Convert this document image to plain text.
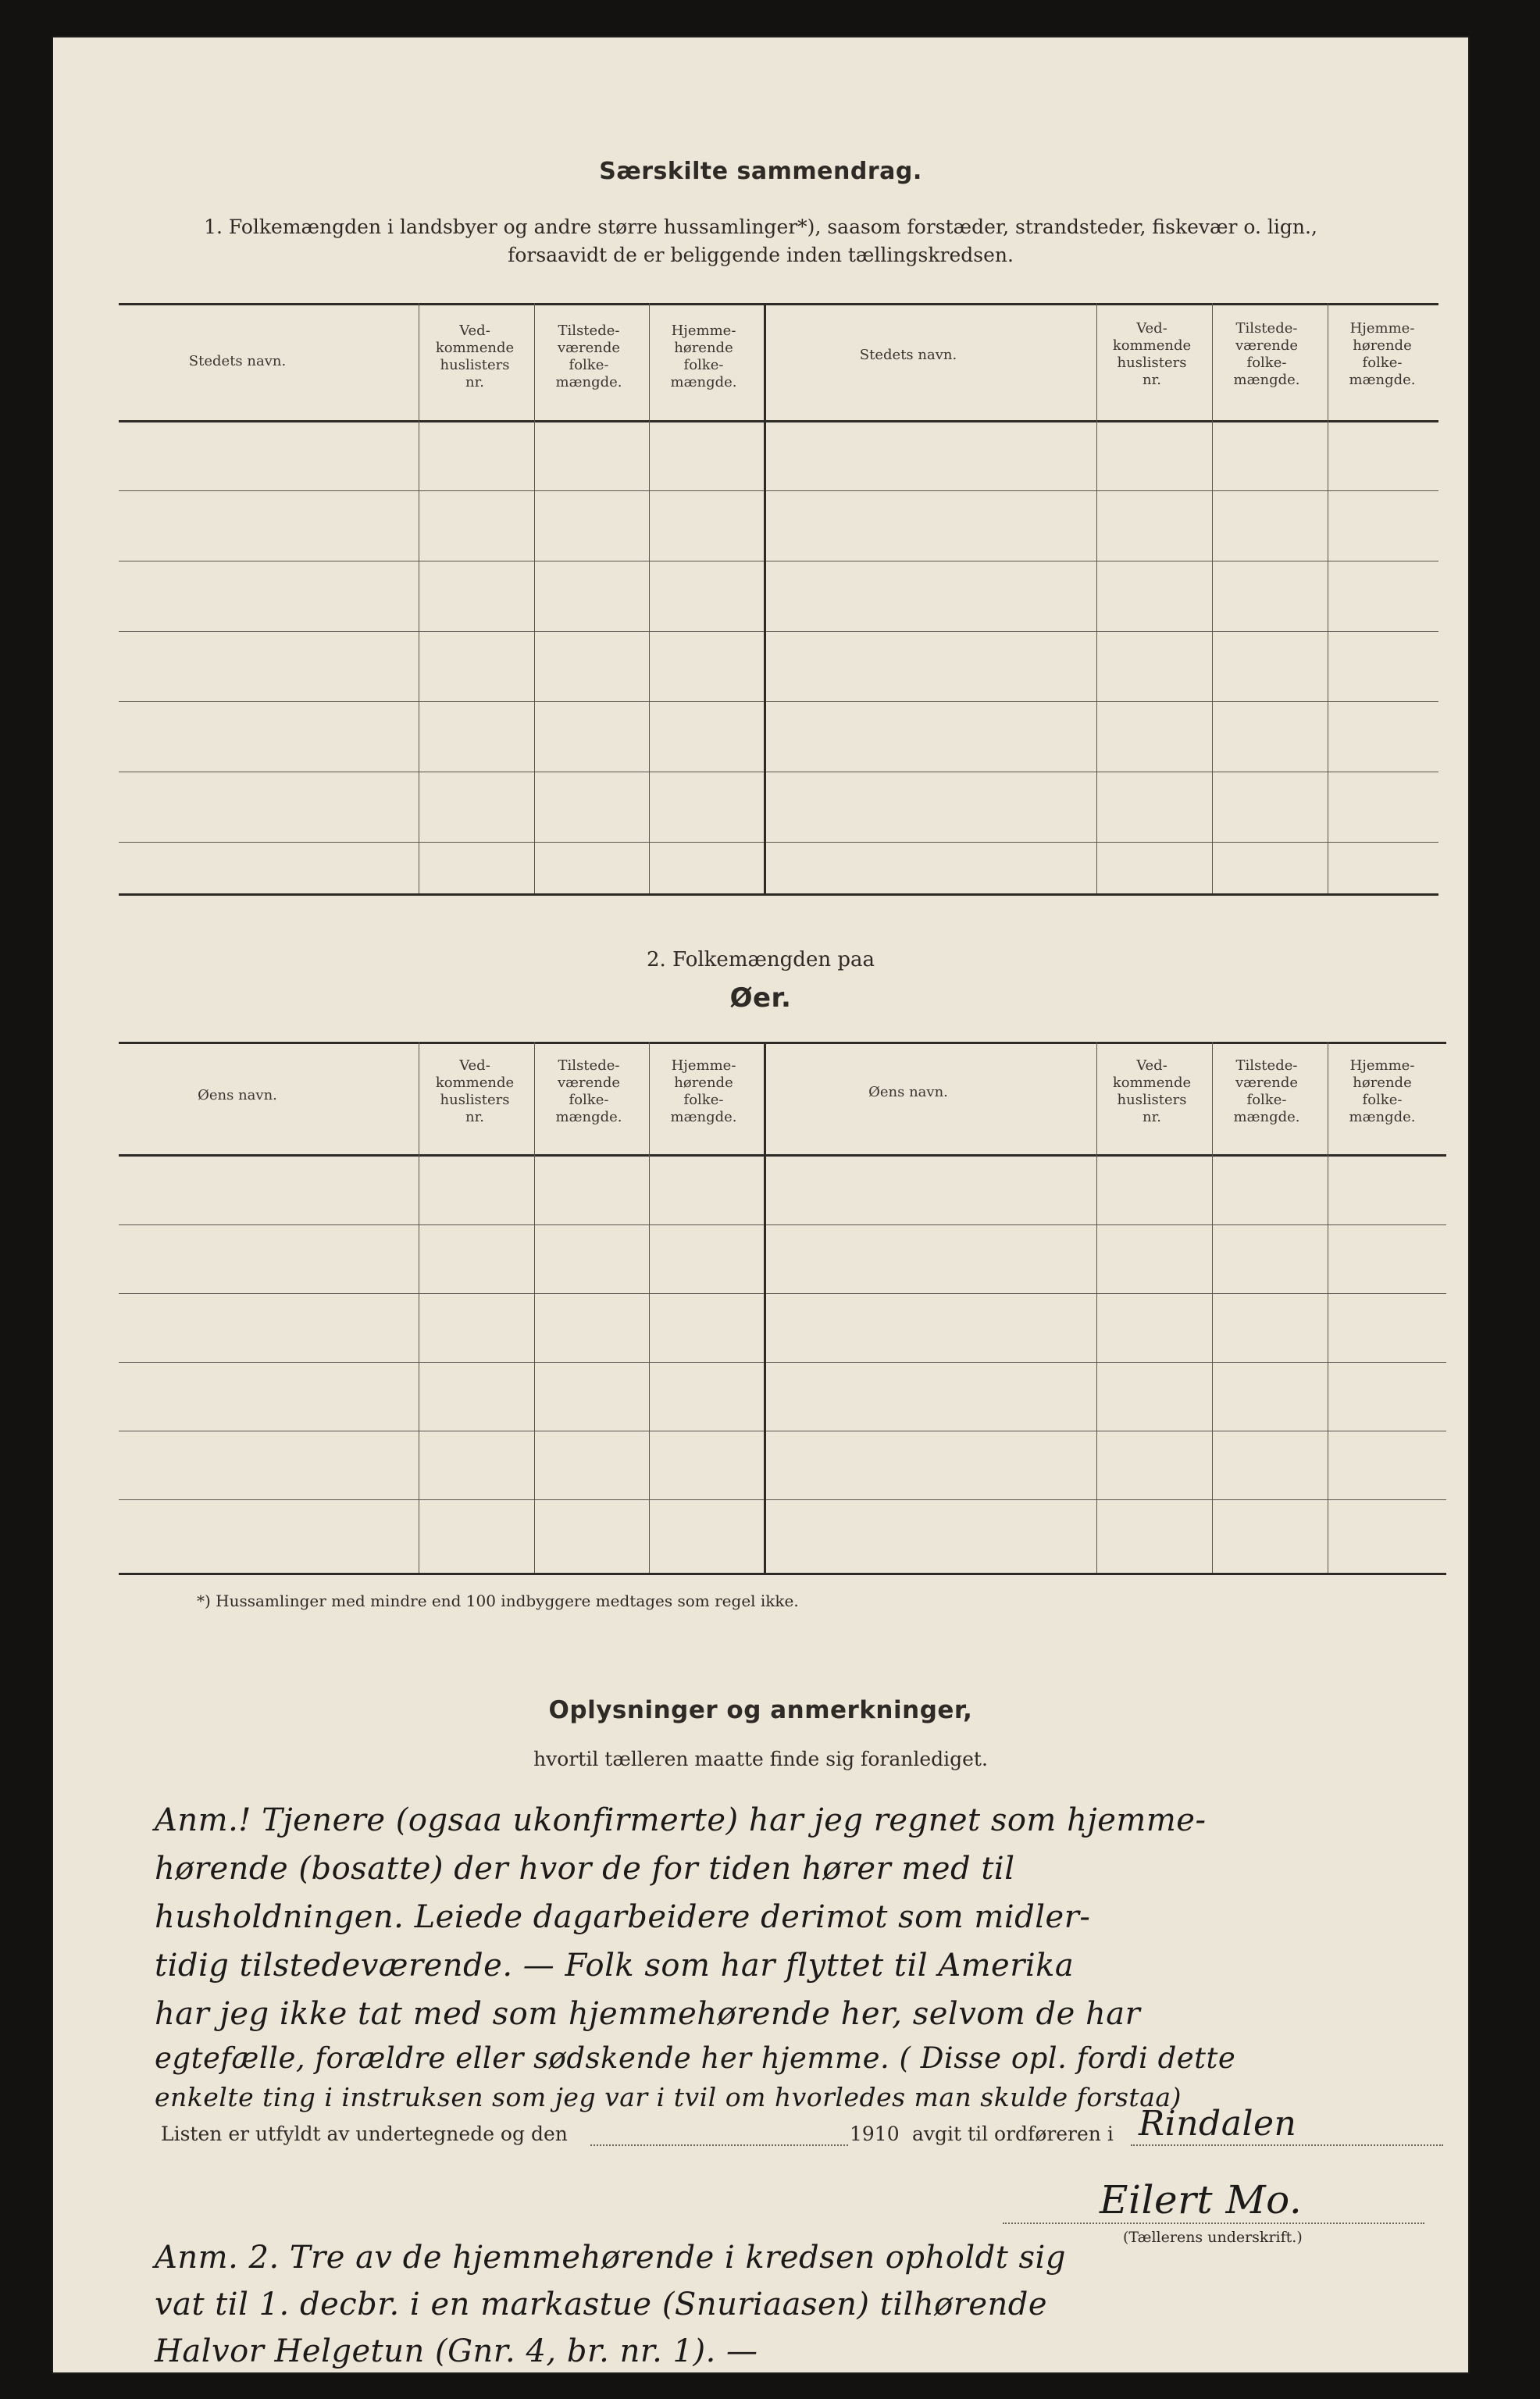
Særskilte sammendrag.
1. Folkemængden i landsbyer og andre større hussamlinger*), saasom forstæder, strandsteder, fiskevær o. lign.,
forsaavidt de er beliggende inden tællingskredsen.
Stedets navn.
Ved-
kommende
huslisters
nr.
Tilstede-
værende
folke-
mængde.
Hjemme-
hørende
folke-
mængde.
Stedets navn.
Ved-
kommende
huslisters
nr.
Tilstede-
værende
folke-
mængde.
Hjemme-
hørende
folke-
mængde.
2. Folkemængden paa
Øer.
Øens navn.
Ved-
kommende
huslisters
nr.
Tilstede-
værende
folke-
mængde.
Hjemme-
hørende
folke-
mængde.
Øens navn.
Ved-
kommende
huslisters
nr.
Tilstede-
værende
folke-
mængde.
Hjemme-
hørende
folke-
mængde.
*) Hussamlinger med mindre end 100 indbyggere medtages som regel ikke.
Oplysninger og anmerkninger,
hvortil tælleren maatte finde sig foranlediget.
Anm.! Tjenere (ogsaa ukonfirmerte) har jeg regnet som hjemme-
hørende (bosatte) der hvor de for tiden hører med til
husholdningen. Leiede dagarbeidere derimot som midler-
tidig tilstedeværende. — Folk som har flyttet til Amerika
har jeg ikke tat med som hjemmehørende her, selvom de har
egtefælle, forældre eller sødskende her hjemme. ( Disse opl. fordi dette
enkelte ting i instruksen som jeg var i tvil om hvorledes man skulde forstaa)
Listen er utfyldt av undertegnede og den	1910 avgit til ordføreren i Rindalen
Eilert Mo.
(Tællerens underskrift.)
Anm. 2. Tre av de hjemmehørende i kredsen opholdt sig
vat til 1. decbr. i en markastue (Snuriaasen) tilhørende
Halvor Helgetun (Gnr. 4, br. nr. 1). —
